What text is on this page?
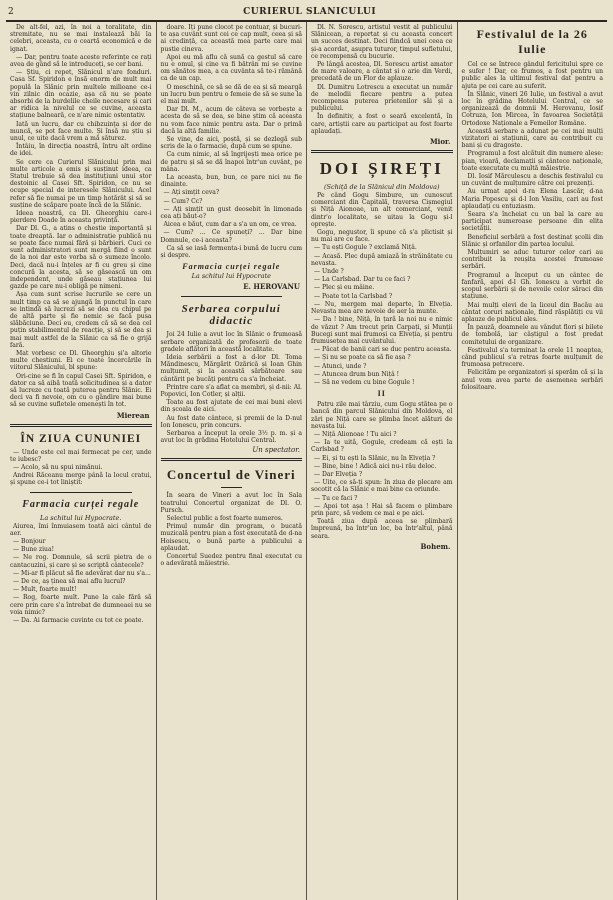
2	CURIERUL SLANICULUI

De alt-fel, azi, în noi a toralitate, din stremitate, nu se mai instalează băi la celebri, aceasta, cu o ceartă economică e de ignat.

— Dar, pentru toate aceste referințe ce rați avea de gând să le introduceți, se cer bani.

— Știu, ci repet, Slănicul n'are fonduri. Casa Sf. Spiridon e însă enorm de mult mai populă la Slănic prin multele milioane ce-i vin zilnic din ocazie, așa că nu se poate absorbi de la burdelile cheile necesare și cari ar ridica la nivelul ce se cuvine, aceasta stațiune balneară, ce n'are nimic ostentativ.

Iată un lucru, dar cu chibzuința și dor de muncă, se pot face multe. Și însă nu știu și unul, ce uite dacă vrem a mă săturez.

Întâiu, în direcția noastră, întru alt ordine de idei.

Se cere ca Curierul Slănicului prin mai multe articole a emis și susținut ideea, ca Statul trebuie să dea instituțiuni unui stor destoinic al Casei Sft. Spiridon, ce nu se ocupe special de interesele Slănicului. Acel refer să fie numai pe un timp hotărât și să se susține de scăpare poate încă de la Slănic.

Ideea noastră, ca Dl. Gheorghiu care-i pierdere Doade în aceasta privință.

Dar Dl. G., a atins o chestie importantă și toate dreaptă. Iar o administrație publică nu se poate face numai fără și bărbieri. Cuci ce sunt administratori sunt mergă fiind o sunt de la noi dar este vorba să o sumeze încolo. Deci, dacă nu-i înțeles ar fi cu greu și cine concură la acesta, să se găsească un om independent, unde găseau stațiunea lui gazde pe care nu-i obligă pe nimeni.

Așa cum sunt scrise lucrurile se cere un mult timp ca să se ajungă în punctul în care se intindă să lucrezi să se dea cu chipul pe de altă parte și fie nemic se facă pusa slăbăciune. Deci eu, credem că să se dea cel puțin stabilimentul de reacție, și să se dea și mai mult astfel de la Slănic ca să fie o grijă fară.

Mat vorbesc ce Dl. Gheorghiu și'a altorie multe chestiuni. Ei ce toate încercările în viitorul Slănicului, bl spune:

Ori-cine se fi în capul Casei Sft. Spiridon, e dator ca să aibă toată solicitudinea și a dator să lucreze cu toată puterea pentru Slănic. Ei deci va fi nevoie, om cu o gândire mai bune să se cuvine sufletele omenești în tot.

Mierean
ÎN ZIUA CUNUNIEI

— Unde este cel mai fermecat pe cer, unde te iubesc?

— Acolo, să nu spui nimănui.

Andrei Răceanu merge până la locul cratui, și spune ce-i tot liniștit:

Farmacia curței regale
La schitul lui Hypocrate.

Aiurea, îmi înmuiasem toată aici cântul de aer.

— Bonjour

— Bune ziua!

— Ne rog. Domnule, să scrii pietra de o cantacuzini, și care și se scriptă cântecele?

— Mi-ar fi plăcut să fie adevărat dar nu s'a...

— De ce, aș ținea să mai aflu lucrul?

— Mult, foarte mult!

— Rog, foarte mult. Pune la cale fără să cere prin care s'a întrebat de dumneaei nu se voia nimic?

— Da. Ai farmacie cuvinte cu tot ce poate.

doare. Iți pune clocot pe contuar, și bucuri-te așa cuvânt sunt cei ce cap mult, ceea și să ai credință, ca această mea parte care mai pustie cineva.

Apoi eu mă aflu că sună ca gestul să care nu e omul, și cine va fi bătrân mi se cuvine om sănătos mea, a ca cuvânta să te-i rămână ca de un cap.

O meschină, ce să se dă de ea și să meargă un lucru bun pentru o femeie de să se sune la el mai mult.

Dar Dl. M., acum de câteva se vorbește a acesta de să se dea, se bine știm că aceasta nu vom face nimic pentru asta. Dar o primă dacă la altă familie.

Se vine, de aici, poștă, și se dezlegă sub scris de la o farmacie, după cum se spune.

Ca cum nimic, al să îngrijești mea orice pe de patru și să se dă înapoi într'un cuvânt, pe mâna.

La aceasta, bun, bun, ce pare nici nu fie dinainte.

— Ați simțit ceva?

— Cum? Cc?

— Ați simțit un gust deosebit în limonada cea ați băut-o?

Aicea e băut, cum dar a s'a un om, ce vrea.

— Cum? ... Ce spuneți? ... Dar bine Domnule, ce-i aceasta?

Ca să se iasă fermenta-i bună de lucru cum și despre.

Farmacia curței regale
La schitul lui Hypocrate
E. HEROVANU
Serbarea corpului didactic

Joi 24 Iulie a avut loc în Slănic o frumoasă serbare organizată de profesorii de toate gradele aflători în această localitate.

Ideia serbării a fost a d-lor Dl. Toma Măndinescu, Mărgărit Ozărică și Ioan Ghin mulțumit, și la această sărbătoare sau cântărit pe bucăți pentru ca s'a încheiat.

Printre care s'a aflat ca membri, și d-nii: Al. Popovici, Ion Cotler, și alții.

Toate au fost ajutate de cei mai buni elevi din școala de aici.

Au fost date cântece, și premii de la D-nul Ion Ionescu, prin concurs.

Serbarea a început la orele 3½ p. m. și a avut loc în grădina Hotelului Central.

Un spectator.
Concertul de Vineri

În seara de Vineri a avut loc în Sala teatrului Concertul organizat de Dl. O. Pursch.

Selectul public a fost foarte numeros.

Primul număr din program, o bucată muzicală pentru pian a fost executată de d-na Hoisescu, o bună parte a publicului a aplaudat.

Concertul Suedez pentru final executat cu o adevărată măiestrie.

Dl. N. Sorescu, artistul vestit al publicului Slănicean, a reportat și cu aceasta concert un succes destinat. Deci fiindcă unei ceea ce și-a acordat, asupra tuturor, timpul sufletului, ce recompensă cu bucurie.

Pe lângă acestea, Dl. Sorescu artist amator de mare valoare, a cântat și o arie din Verdi, precedată de un Flor de aplauze.

Dl. Dumitru Lotrescu a executat un număr de melodii fiecare pentru a putea recompensa puterea prietenilor săi și a publicului.

În definitiv, a fost o seară excelentă, în care, artiștii care au participat au fost foarte aplaudați.

Mior.
DOI ȘIREȚI
(Schiță de la Slănicul din Moldova)

Pe când Gogu Simbure, un cunoscut comerciant din Capitală, traversa Cișmegiul și Nițâ Aionoae, un alt comerciant, venit dintr'o localitate, se uitau la Gogu și-l oprește.

Gogu, negustor, îi spune că s'a plictisit și nu mai are ce face.

— Tu ești Gogule ? exclamă Nițâ.

— Acasă. Plec după amiază în străinătate cu nevasta.

— Unde ?

— La Carlsbad. Dar tu ce faci ?

— Plec și eu mâine.

— Poate tot la Carlsbad ?

— Nu, mergem mai departe, în Elveția. Nevasta mea are nevoie de aer la munte.

— Da ! bine, Nițâ, în țară la noi nu e nimic de văzut ? Am trecut prin Carpați, și Munții Bucegi sunt mai frumoși ca Elveția, și pentru frumusețea mai cuvântului.

— Păcat de banii cari se duc pentru aceasta.

— Și nu se poate ca să fie așa ?

— Atunci, unde ?

— Atuncea drum bun Nițâ !

— Să ne vedem cu bine Gogule !

II

Patru zile mai târziu, cum Gogu stătea pe o bancă din parcul Slănicului din Moldova, el zări pe Nițâ care se plimba încet alături de nevasta lui.

— Nițâ Alionoae ! Tu aici ?

— Ia te uită, Gogule, credeam că ești la Carlsbad ?

— Ei, și tu ești la Slănic, nu în Elveția ?

— Bine, bine ! Adică aici nu-i rău deloc.

— Dar Elveția ?

— Uite, ce să-ți spun: în ziua de plecare am socotit că la Slănic e mai bine ca oriunde.

— Tu ce faci ?

— Apoi tot așa ! Hai să facem o plimbare prin parc, să vedem ce mai e pe aici.

Toată ziua după aceea se plimbară împreună, ba într'un loc, ba într'altul, până seara.

Bohem.
Festivalul de la 26 Iulie

Cel ce se întrece gândul fericitului spre ce e sufer ! Dar, ce frumos, a fost pentru un public ales la ultimul festival dat pentru a ajuta pe cei care au suferit.

În Slănic, vineri 26 Iulie, un festival a avut loc în grădina Hotelului Central, ce se organizează de domnii M. Herovanu, Iosif Cotruza, Ion Mircea, în favoarea Societății Ortodoxe Naționale a Femeilor Române.

Această serbare a adunat pe cei mai mulți vizitatori ai stațiunii, care au contribuit cu bani și cu dragoste.

Programul a fost alcătuit din numere alese: pian, vioară, declamații și cântece naționale, toate executate cu multă măiestrie.

Dl. Iosif Mărculescu a deschis festivalul cu un cuvânt de mulțumire către cei prezenți.

Au urmat apoi d-ra Elena Lascăr, d-na Maria Popescu și d-l Ion Vasiliu, cari au fost aplaudați cu entuziasm.

Seara s'a încheiat cu un bal la care au participat numeroase persoane din elita societății.

Beneficiul serbării a fost destinat școlii din Slănic și orfanilor din partea locului.

Mulțumiri se aduc tuturor celor cari au contribuit la reușita acestei frumoase serbări.

Programul a început cu un cântec de fanfară, apoi d-l Gh. Ionescu a vorbit de scopul serbării și de nevoile celor săraci din stațiune.

Mai mulți elevi de la liceul din Bacău au cântat coruri naționale, fiind răsplătiți cu vii aplauze de publicul ales.

În pauză, doamnele au vândut flori și bilete de tombolă, iar câștigul a fost predat comitetului de organizare.

Festivalul s'a terminat la orele 11 noaptea, când publicul s'a retras foarte mulțumit de frumoasa petrecere.

Felicităm pe organizatori și sperăm că și la anul vom avea parte de asemenea serbări folositoare.
